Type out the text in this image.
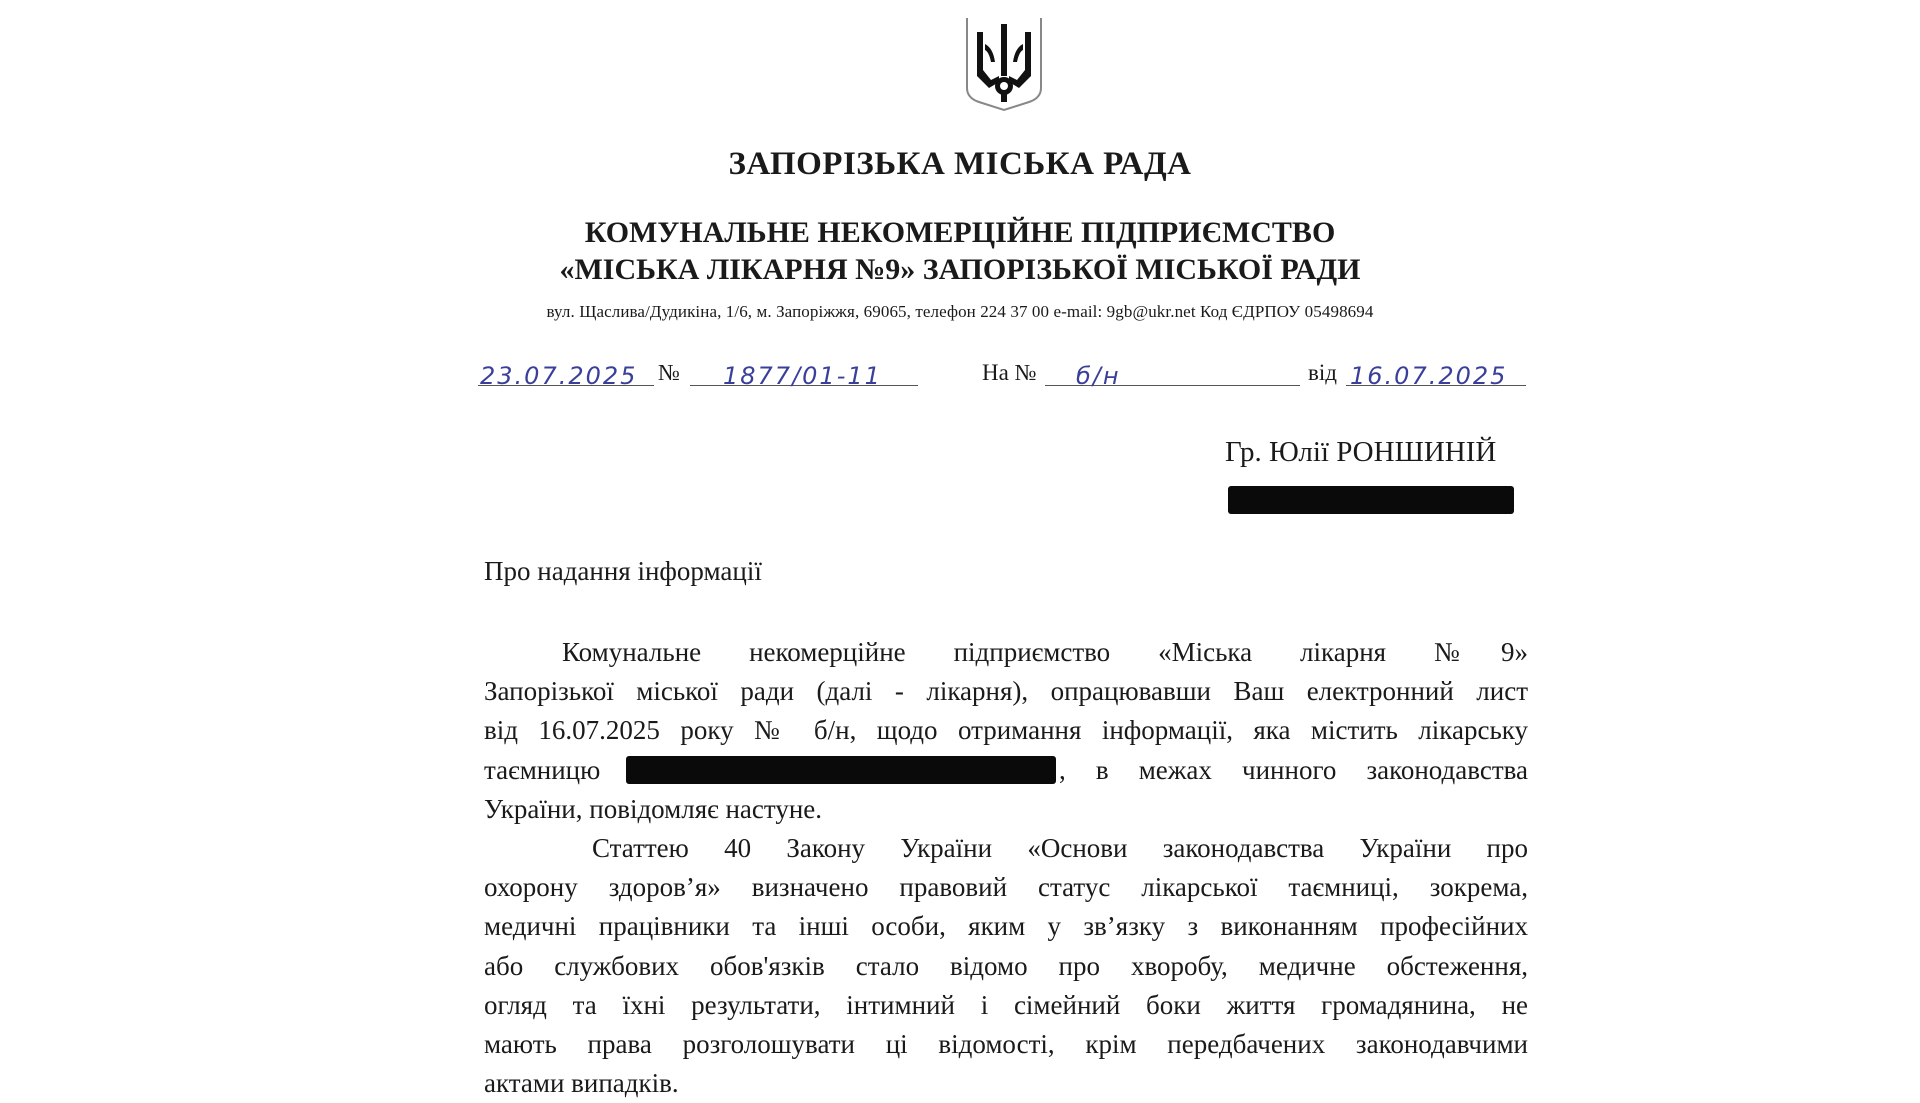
ЗАПОРІЗЬКА МІСЬКА РАДА
КОМУНАЛЬНЕ НЕКОМЕРЦІЙНЕ ПІДПРИЄМСТВО
«МІСЬКА ЛІКАРНЯ №9» ЗАПОРІЗЬКОЇ МІСЬКОЇ РАДИ
вул. Щаслива/Дудикіна, 1/6, м. Запоріжжя, 69065, телефон 224 37 00 e-mail: 9gb@ukr.net Код ЄДРПОУ 05498694
23.07.2025 № 1877/01-11	На № б/н	від 16.07.2025
Гр. Юлії РОНШИНІЙ
Про надання інформації
Комунальне некомерційне підприємство «Міська лікарня №9»
Запорізької міської ради (далі - лікарня), опрацювавши Ваш електронний лист
від 16.07.2025 року № б/н, щодо отримання інформації, яка містить лікарську
таємницю	, в межах чинного законодавства
України, повідомляє настуне.
Статтею 40 Закону України «Основи законодавства України про
охорону здоров’я» визначено правовий статус лікарської таємниці, зокрема,
медичні працівники та інші особи, яким у зв’язку з виконанням професійних
або службових обов'язків стало відомо про хворобу, медичне обстеження,
огляд та їхні результати, інтимний і сімейний боки життя громадянина, не
мають права розголошувати ці відомості, крім передбачених законодавчими
актами випадків.
